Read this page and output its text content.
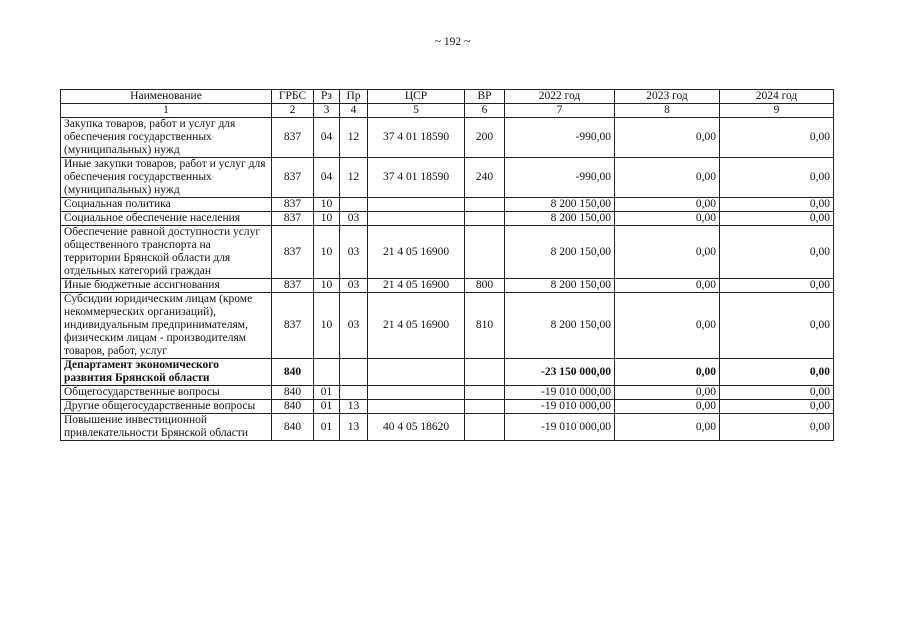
~ 192 ~
Наименование	ГРБС	Рз	Пр	ЦСР	ВР	2022 год	2023 год	2024 год
1	2	3	4	5	6	7	8	9
Закупка товаров, работ и услуг для обеспечения государственных (муниципальных) нужд	837	04	12	37 4 01 18590	200	-990,00	0,00	0,00
Иные закупки товаров, работ и услуг для обеспечения государственных (муниципальных) нужд	837	04	12	37 4 01 18590	240	-990,00	0,00	0,00
Социальная политика	837	10				8 200 150,00	0,00	0,00
Социальное обеспечение населения	837	10	03			8 200 150,00	0,00	0,00
Обеспечение равной доступности услуг общественного транспорта на территории Брянской области для отдельных категорий граждан	837	10	03	21 4 05 16900		8 200 150,00	0,00	0,00
Иные бюджетные ассигнования	837	10	03	21 4 05 16900	800	8 200 150,00	0,00	0,00
Субсидии юридическим лицам (кроме некоммерческих организаций), индивидуальным предпринимателям, физическим лицам - производителям товаров, работ, услуг	837	10	03	21 4 05 16900	810	8 200 150,00	0,00	0,00
Департамент экономического развития Брянской области	840					-23 150 000,00	0,00	0,00
Общегосударственные вопросы	840	01				-19 010 000,00	0,00	0,00
Другие общегосударственные вопросы	840	01	13			-19 010 000,00	0,00	0,00
Повышение инвестиционной привлекательности Брянской области	840	01	13	40 4 05 18620		-19 010 000,00	0,00	0,00
